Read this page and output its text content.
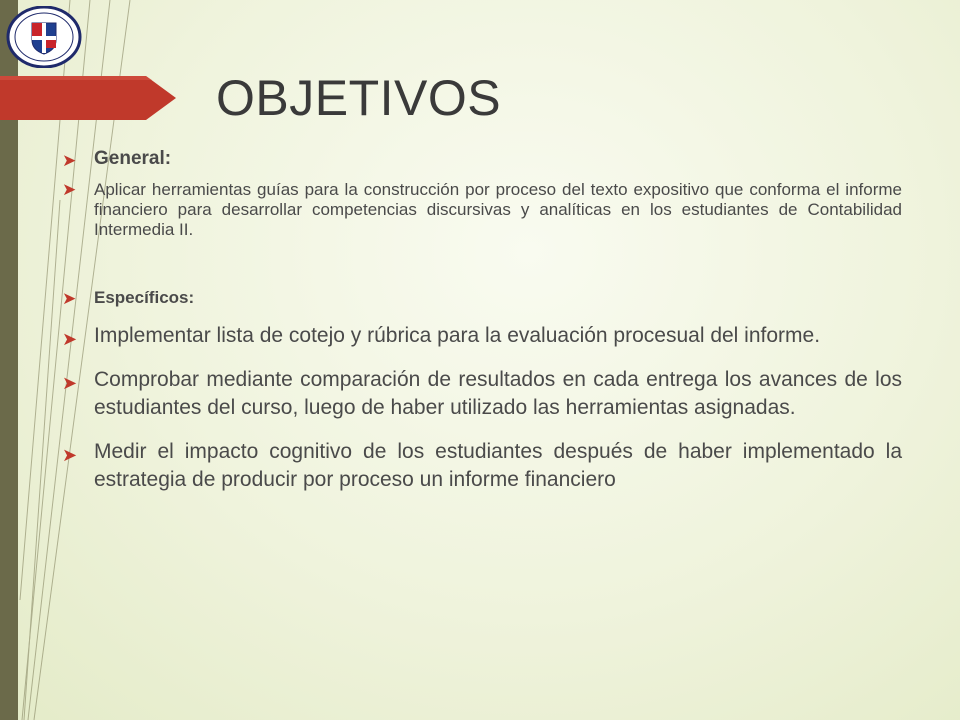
OBJETIVOS
➤ General:
➤ Aplicar herramientas guías para la construcción por proceso del texto expositivo que conforma el informe financiero para desarrollar competencias discursivas y analíticas en los estudiantes de Contabilidad Intermedia II.
➤ Específicos:
➤ Implementar lista de cotejo y rúbrica para la evaluación procesual del informe.
➤ Comprobar mediante comparación de resultados en cada entrega los avances de los estudiantes del curso, luego de haber utilizado las herramientas asignadas.
➤ Medir el impacto cognitivo de los estudiantes después de haber implementado la estrategia de producir por proceso un informe financiero
